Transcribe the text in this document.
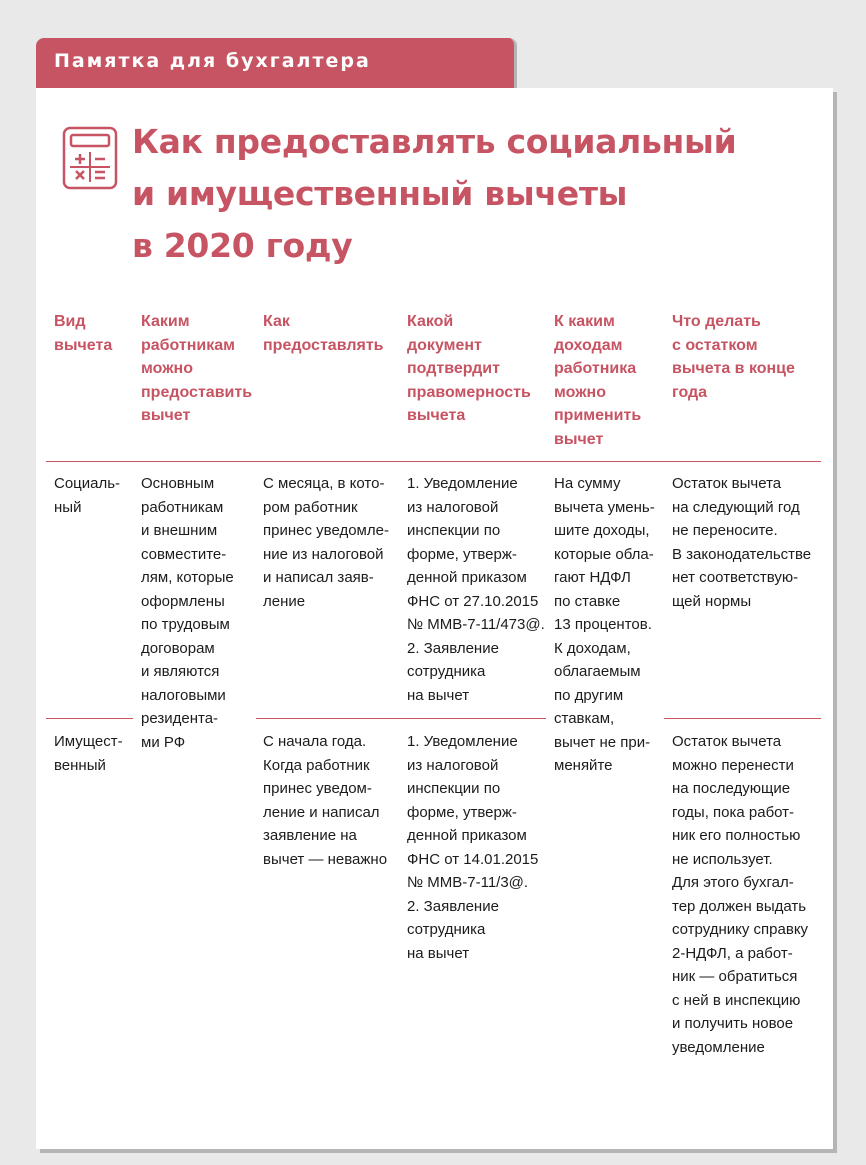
Памятка для бухгалтера
Как предоставлять социальный
и имущественный вычеты
в 2020 году
Вид
вычета
Каким
работникам
можно
предоставить
вычет
Как
предоставлять
Какой
документ
подтвердит
правомерность
вычета
К каким
доходам
работника
можно
применить
вычет
Что делать
с остатком
вычета в конце
года
Социаль-
ный
Основным
работникам
и внешним
совместите-
лям, которые
оформлены
по трудовым
договорам
и являются
налоговыми
резидента-
ми РФ
С месяца, в кото-
ром работник
принес уведомле-
ние из налоговой
и написал заяв-
ление
1. Уведомление
из налоговой
инспекции по
форме, утверж-
денной приказом
ФНС от 27.10.2015
№ ММВ-7-11/473@.
2. Заявление
сотрудника
на вычет
На сумму
вычета умень-
шите доходы,
которые обла-
гают НДФЛ
по ставке
13 процентов.
К доходам,
облагаемым
по другим
ставкам,
вычет не при-
меняйте
Остаток вычета
на следующий год
не переносите.
В законодательстве
нет соответствую-
щей нормы
Имущест-
венный
С начала года.
Когда работник
принес уведом-
ление и написал
заявление на
вычет — неважно
1. Уведомление
из налоговой
инспекции по
форме, утверж-
денной приказом
ФНС от 14.01.2015
№ ММВ-7-11/3@.
2. Заявление
сотрудника
на вычет
Остаток вычета
можно перенести
на последующие
годы, пока работ-
ник его полностью
не использует.
Для этого бухгал-
тер должен выдать
сотруднику справку
2-НДФЛ, а работ-
ник — обратиться
с ней в инспекцию
и получить новое
уведомление
